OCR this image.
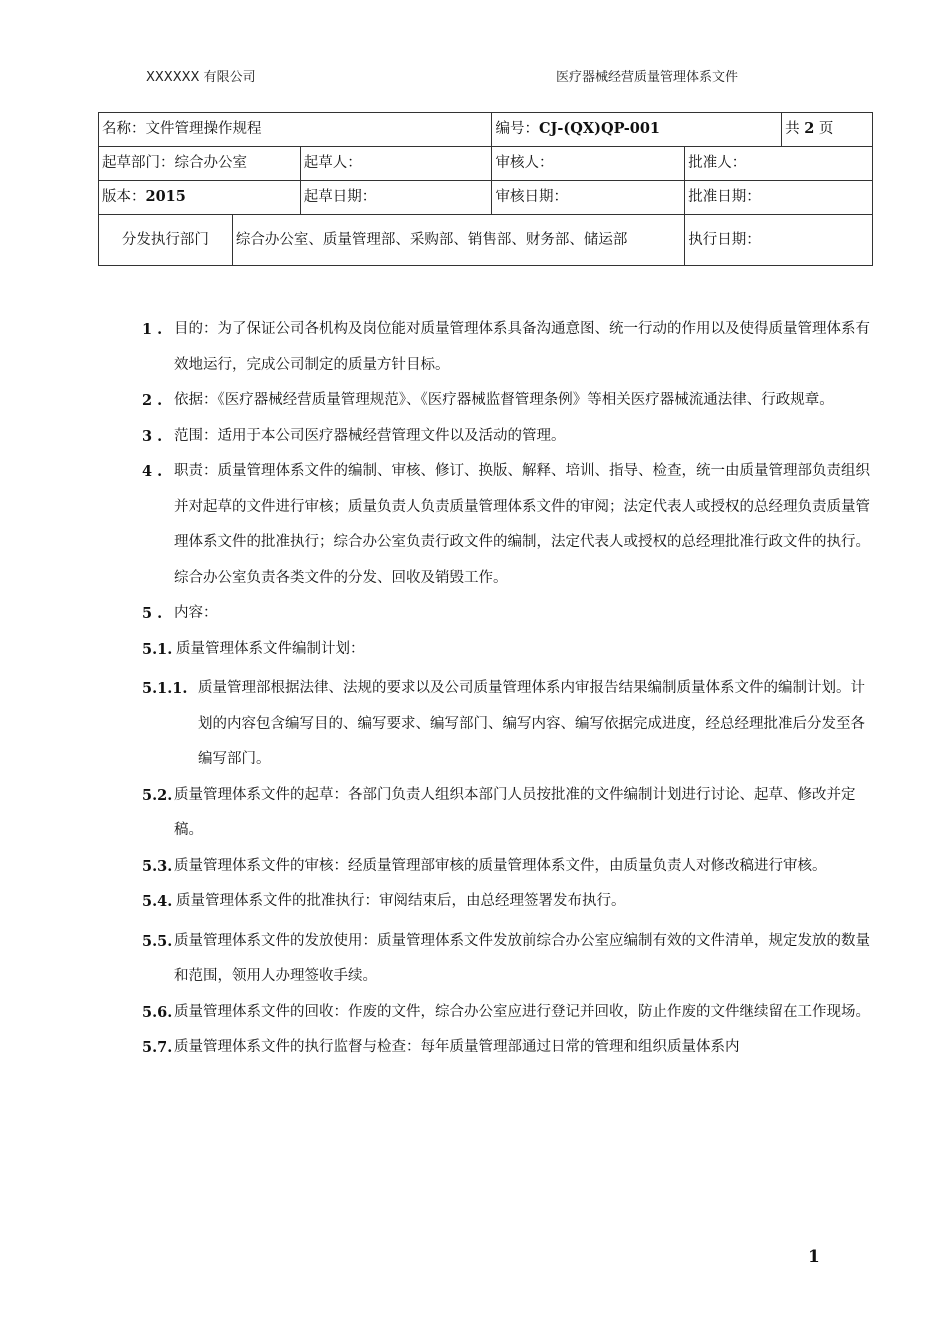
XXXXXX 有限公司	医疗器械经营质量管理体系文件
名称：文件管理操作规程			编号：CJ-(QX)QP-001		共 2 页
起草部门：综合办公室		起草人：	审核人：	批准人：	
版本：2015		起草日期：	审核日期：	批准日期：	
分发执行部门	综合办公室、质量管理部、采购部、销售部、财务部、储运部			执行日期：	

1 . 目的：为了保证公司各机构及岗位能对质量管理体系具备沟通意图、统一行动的作用以及使得质量管理体系有效地运行，完成公司制定的质量方针目标。

2 . 依据：《医疗器械经营质量管理规范》、《医疗器械监督管理条例》等相关医疗器械流通法律、行政规章。

3 . 范围：适用于本公司医疗器械经营管理文件以及活动的管理。

4 . 职责：质量管理体系文件的编制、审核、修订、换版、解释、培训、指导、检查，统一由质量管理部负责组织并对起草的文件进行审核；质量负责人负责质量管理体系文件的审阅；法定代表人或授权的总经理负责质量管理体系文件的批准执行；综合办公室负责行政文件的编制，法定代表人或授权的总经理批准行政文件的执行。综合办公室负责各类文件的分发、回收及销毁工作。

5 . 内容：

5.1. 质量管理体系文件编制计划：

5.1.1. 质量管理部根据法律、法规的要求以及公司质量管理体系内审报告结果编制质量体系文件的编制计划。计划的内容包含编写目的、编写要求、编写部门、编写内容、编写依据完成进度，经总经理批准后分发至各编写部门。

5.2. 质量管理体系文件的起草：各部门负责人组织本部门人员按批准的文件编制计划进行讨论、起草、修改并定稿。

5.3. 质量管理体系文件的审核：经质量管理部审核的质量管理体系文件，由质量负责人对修改稿进行审核。

5.4. 质量管理体系文件的批准执行：审阅结束后，由总经理签署发布执行。

5.5. 质量管理体系文件的发放使用：质量管理体系文件发放前综合办公室应编制有效的文件清单，规定发放的数量和范围，领用人办理签收手续。

5.6. 质量管理体系文件的回收：作废的文件，综合办公室应进行登记并回收，防止作废的文件继续留在工作现场。

5.7. 质量管理体系文件的执行监督与检查：每年质量管理部通过日常的管理和组织质量体系内

1
